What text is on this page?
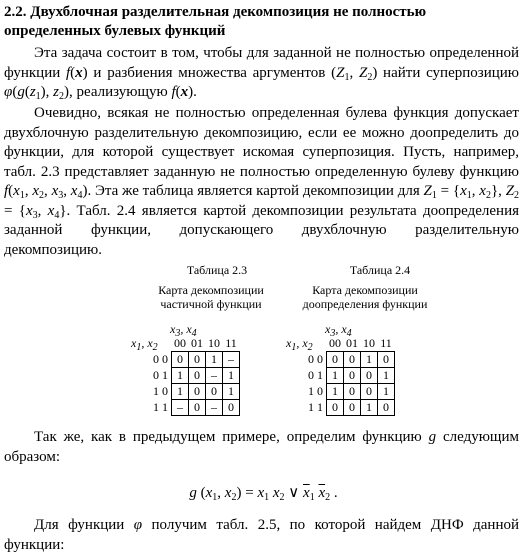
2.2. Двухблочная разделительная декомпозиция не полностью определенных булевых функций
Эта задача состоит в том, чтобы для заданной не полностью определенной функции f(x) и разбиения множества аргументов ($Z_1$, $Z_2$) найти суперпозицию $\varphi(g(z_1)$, $z_2$), реализующую f(x).
Очевидно, всякая не полностью определенная булева функция допускает двухблочную разделительную декомпозицию, если ее можно доопределить до функции, для которой существует искомая суперпозиция. Пусть, например, табл. 2.3 представляет заданную не полностью определенную булеву функцию $f(x_1$, $x_2$, $x_3$, $x_4$). Эта же таблица является картой декомпозиции для $Z_1 = \{x_1$, $x_2$}, $Z_2 = \{x_3$, $x_4$}. Табл. 2.4 является картой декомпозиции результата доопределения заданной функции, допускающего двухблочную разделительную декомпозицию.
Таблица 2.3
Карта декомпозиции
частичной функции
$x_3$, $x_4$
$x_1$, $x_2$
	00	01	10	11
0 0	0	0	1	–
0 1	1	0	–	1
1 0	1	0	0	1
1 1	–	0	–	0
Таблица 2.4
Карта декомпозиции
доопределения функции
$x_3$, $x_4$
$x_1$, $x_2$
	00	01	10	11
0 0	0	0	1	0
0 1	1	0	0	1
1 0	1	0	0	1
1 1	0	0	1	0
Так же, как в предыдущем примере, определим функцию g следующим образом:
g ($x_1$, $x_2) = x_1$ $x_2$ ∨ $\overline{x}_1$ $\overline{x}_2$ .
Для функции φ получим табл. 2.5, по которой найдем ДНФ данной функции:
